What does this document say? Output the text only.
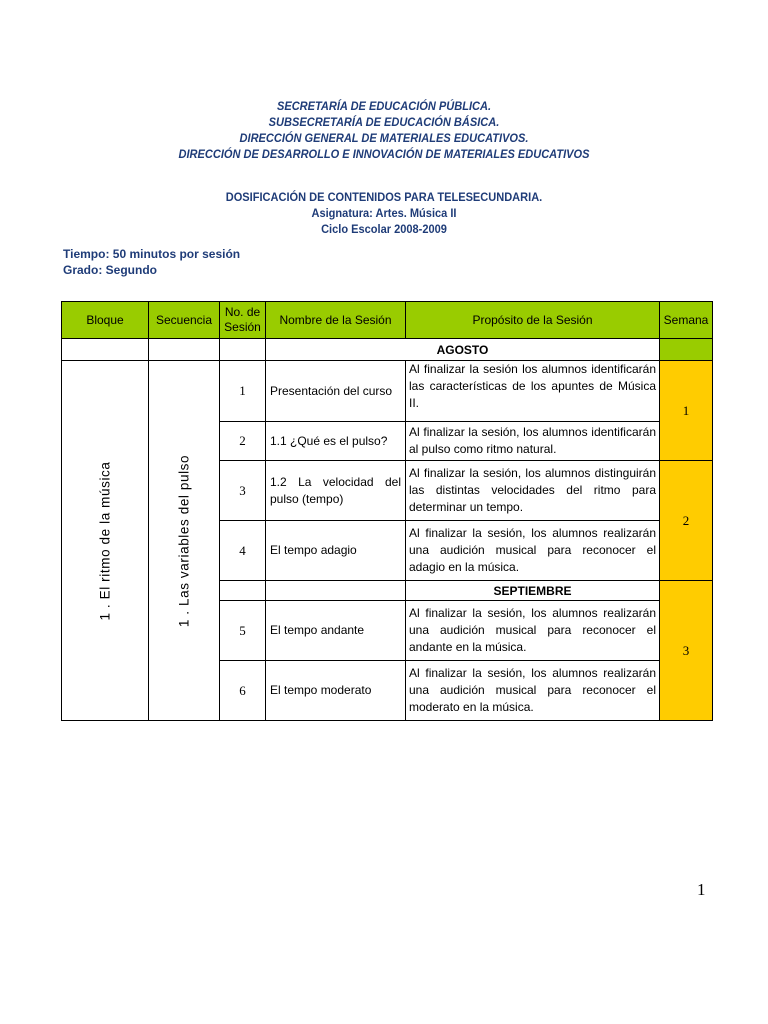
SECRETARÍA DE EDUCACIÓN PÚBLICA.
SUBSECRETARÍA DE EDUCACIÓN BÁSICA.
DIRECCIÓN GENERAL DE MATERIALES EDUCATIVOS.
DIRECCIÓN DE DESARROLLO E INNOVACIÓN DE MATERIALES EDUCATIVOS
DOSIFICACIÓN DE CONTENIDOS PARA TELESECUNDARIA.
Asignatura: Artes. Música II
Ciclo Escolar 2008-2009
Tiempo: 50 minutos por sesión
Grado: Segundo
Bloque	Secuencia	No. de Sesión	Nombre de la Sesión	Propósito de la Sesión	Semana
			AGOSTO		

1 . El ritmo de la música	1 . Las variables del pulso	1	Presentación del curso	Al finalizar la sesión los alumnos identificarán las características de los apuntes de Música II.	1
		2	1.1 ¿Qué es el pulso?	Al finalizar la sesión, los alumnos identificarán al pulso como ritmo natural.	
		3	1.2 La velocidad del pulso (tempo)	Al finalizar la sesión, los alumnos distinguirán las distintas velocidades del ritmo para determinar un tempo.	2
		4	El tempo adagio	Al finalizar la sesión, los alumnos realizarán una audición musical para reconocer el adagio en la música.	
				SEPTIEMBRE	3
		5	El tempo andante	Al finalizar la sesión, los alumnos realizarán una audición musical para reconocer el andante en la música.	
		6	El tempo moderato	Al finalizar la sesión, los alumnos realizarán una audición musical para reconocer el moderato en la música.	
1
